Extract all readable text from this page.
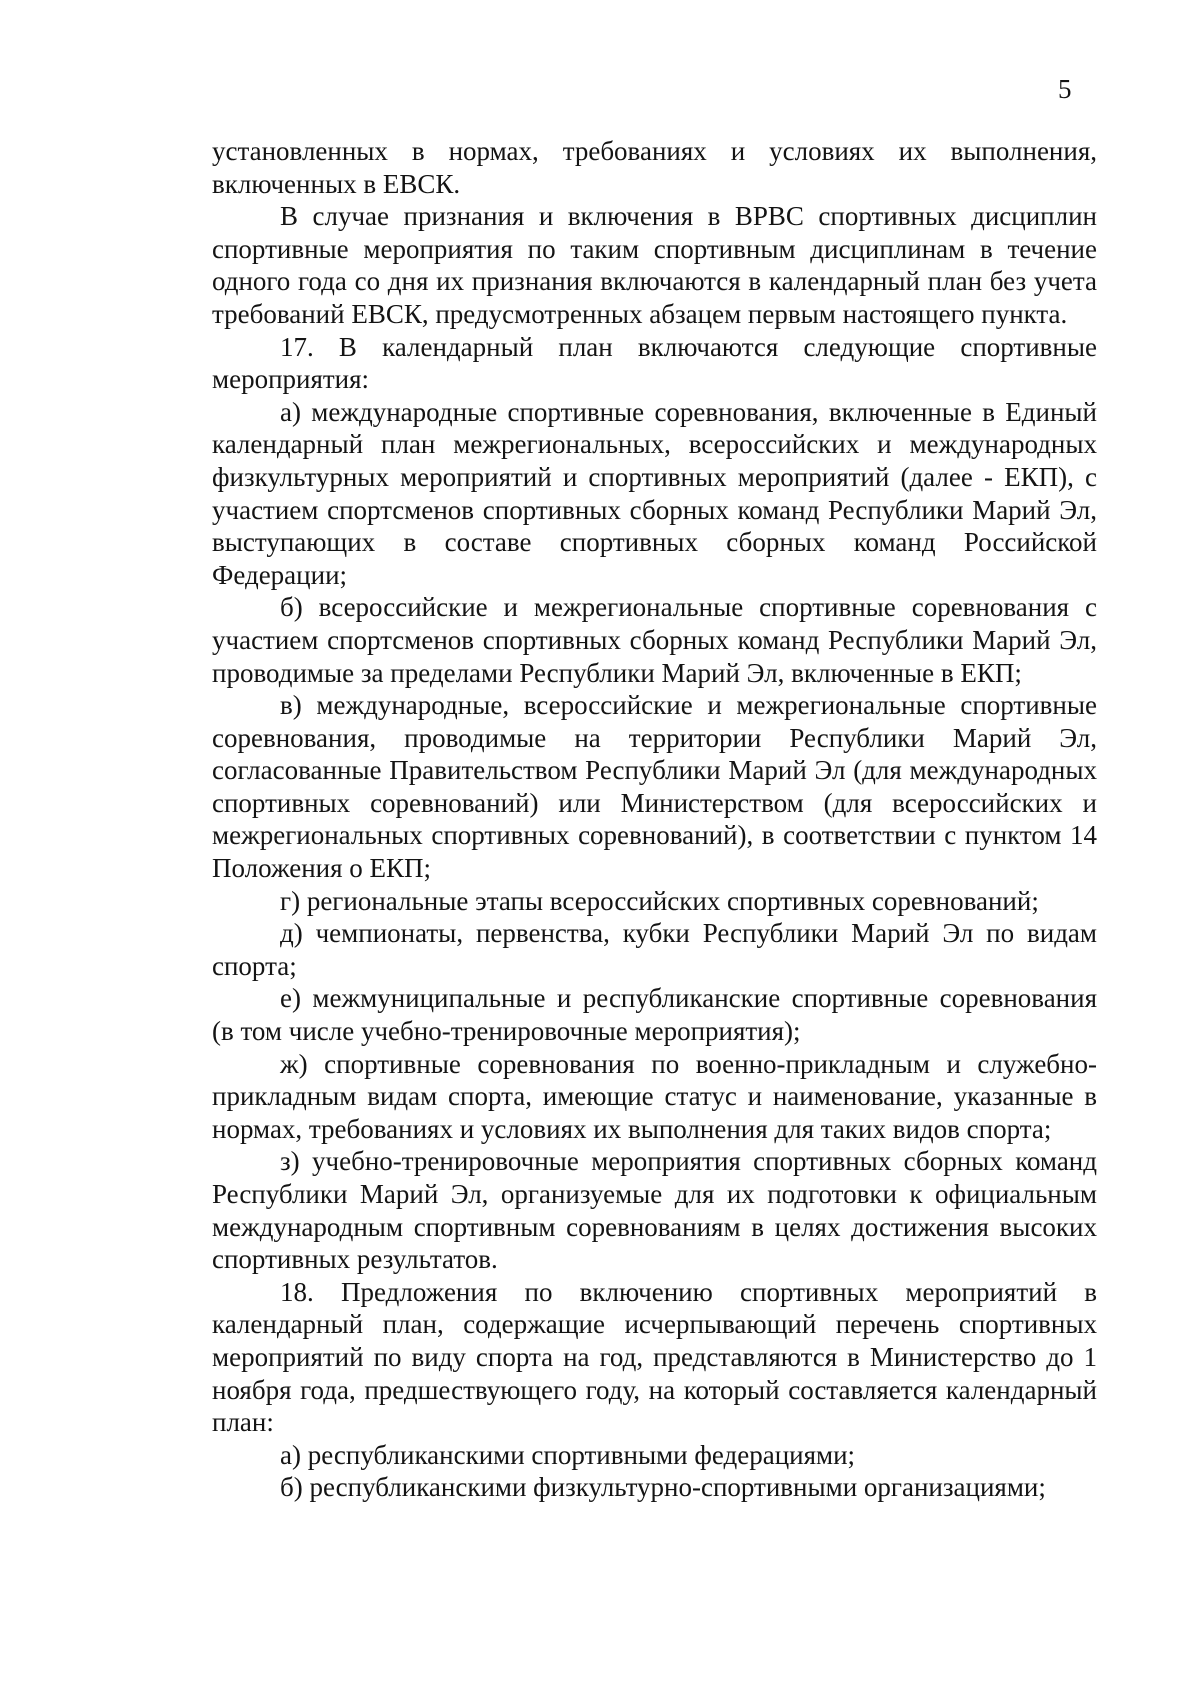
5

установленных в нормах, требованиях и условиях их выполнения, включенных в ЕВСК.

В случае признания и включения в ВРВС спортивных дисциплин спортивные мероприятия по таким спортивным дисциплинам в течение одного года со дня их признания включаются в календарный план без учета требований ЕВСК, предусмотренных абзацем первым настоящего пункта.

17. В календарный план включаются следующие спортивные мероприятия:

а) международные спортивные соревнования, включенные в Единый календарный план межрегиональных, всероссийских и международных физкультурных мероприятий и спортивных мероприятий (далее - ЕКП), с участием спортсменов спортивных сборных команд Республики Марий Эл, выступающих в составе спортивных сборных команд Российской Федерации;

б) всероссийские и межрегиональные спортивные соревнования с участием спортсменов спортивных сборных команд Республики Марий Эл, проводимые за пределами Республики Марий Эл, включенные в ЕКП;

в) международные, всероссийские и межрегиональные спортивные соревнования, проводимые на территории Республики Марий Эл, согласованные Правительством Республики Марий Эл (для международных спортивных соревнований) или Министерством (для всероссийских и межрегиональных спортивных соревнований), в соответствии с пунктом 14 Положения о ЕКП;

г) региональные этапы всероссийских спортивных соревнований;

д) чемпионаты, первенства, кубки Республики Марий Эл по видам спорта;

е) межмуниципальные и республиканские спортивные соревнования (в том числе учебно-тренировочные мероприятия);

ж) спортивные соревнования по военно-прикладным и служебно-прикладным видам спорта, имеющие статус и наименование, указанные в нормах, требованиях и условиях их выполнения для таких видов спорта;

з) учебно-тренировочные мероприятия спортивных сборных команд Республики Марий Эл, организуемые для их подготовки к официальным международным спортивным соревнованиям в целях достижения высоких спортивных результатов.

18. Предложения по включению спортивных мероприятий в календарный план, содержащие исчерпывающий перечень спортивных мероприятий по виду спорта на год, представляются в Министерство до 1 ноября года, предшествующего году, на который составляется календарный план:

а) республиканскими спортивными федерациями;

б) республиканскими физкультурно-спортивными организациями;
